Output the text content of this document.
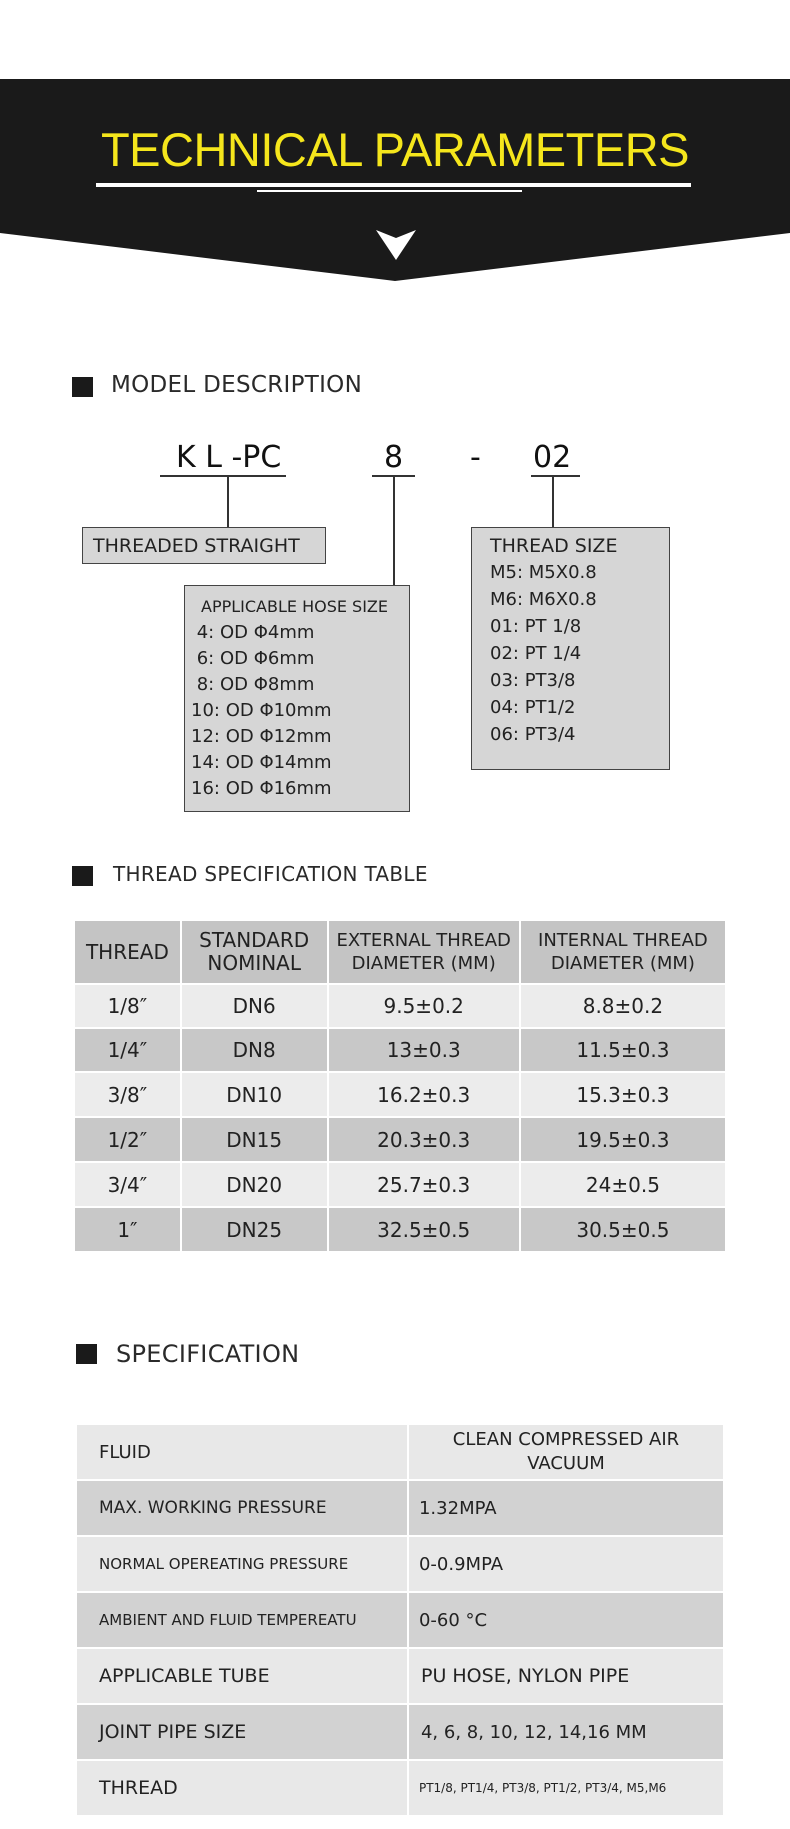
TECHNICAL PARAMETERS
MODEL DESCRIPTION
K L -PC	8 - 02
THREADED STRAIGHT
APPLICABLE HOSE SIZE
4: OD Φ4mm
6: OD Φ6mm
8: OD Φ8mm
10: OD Φ10mm
12: OD Φ12mm
14: OD Φ14mm
16: OD Φ16mm
THREAD SIZE
M5: M5X0.8
M6: M6X0.8
01: PT 1/8
02: PT 1/4
03: PT3/8
04: PT1/2
06: PT3/4
THREAD SPECIFICATION TABLE
THREAD	STANDARD NOMINAL	EXTERNAL THREAD DIAMETER (MM)	INTERNAL THREAD DIAMETER (MM)
1/8″	DN6	9.5±0.2	8.8±0.2
1/4″	DN8	13±0.3	11.5±0.3
3/8″	DN10	16.2±0.3	15.3±0.3
1/2″	DN15	20.3±0.3	19.5±0.3
3/4″	DN20	25.7±0.3	24±0.5
1″	DN25	32.5±0.5	30.5±0.5
SPECIFICATION
FLUID	CLEAN COMPRESSED AIR
VACUUM
MAX. WORKING PRESSURE	1.32MPA
NORMAL OPEREATING PRESSURE	0-0.9MPA
AMBIENT AND FLUID TEMPEREATU	0-60 °C
APPLICABLE TUBE	PU HOSE, NYLON PIPE
JOINT PIPE SIZE	4, 6, 8, 10, 12, 14,16 MM
THREAD	PT1/8, PT1/4, PT3/8, PT1/2, PT3/4, M5,M6
